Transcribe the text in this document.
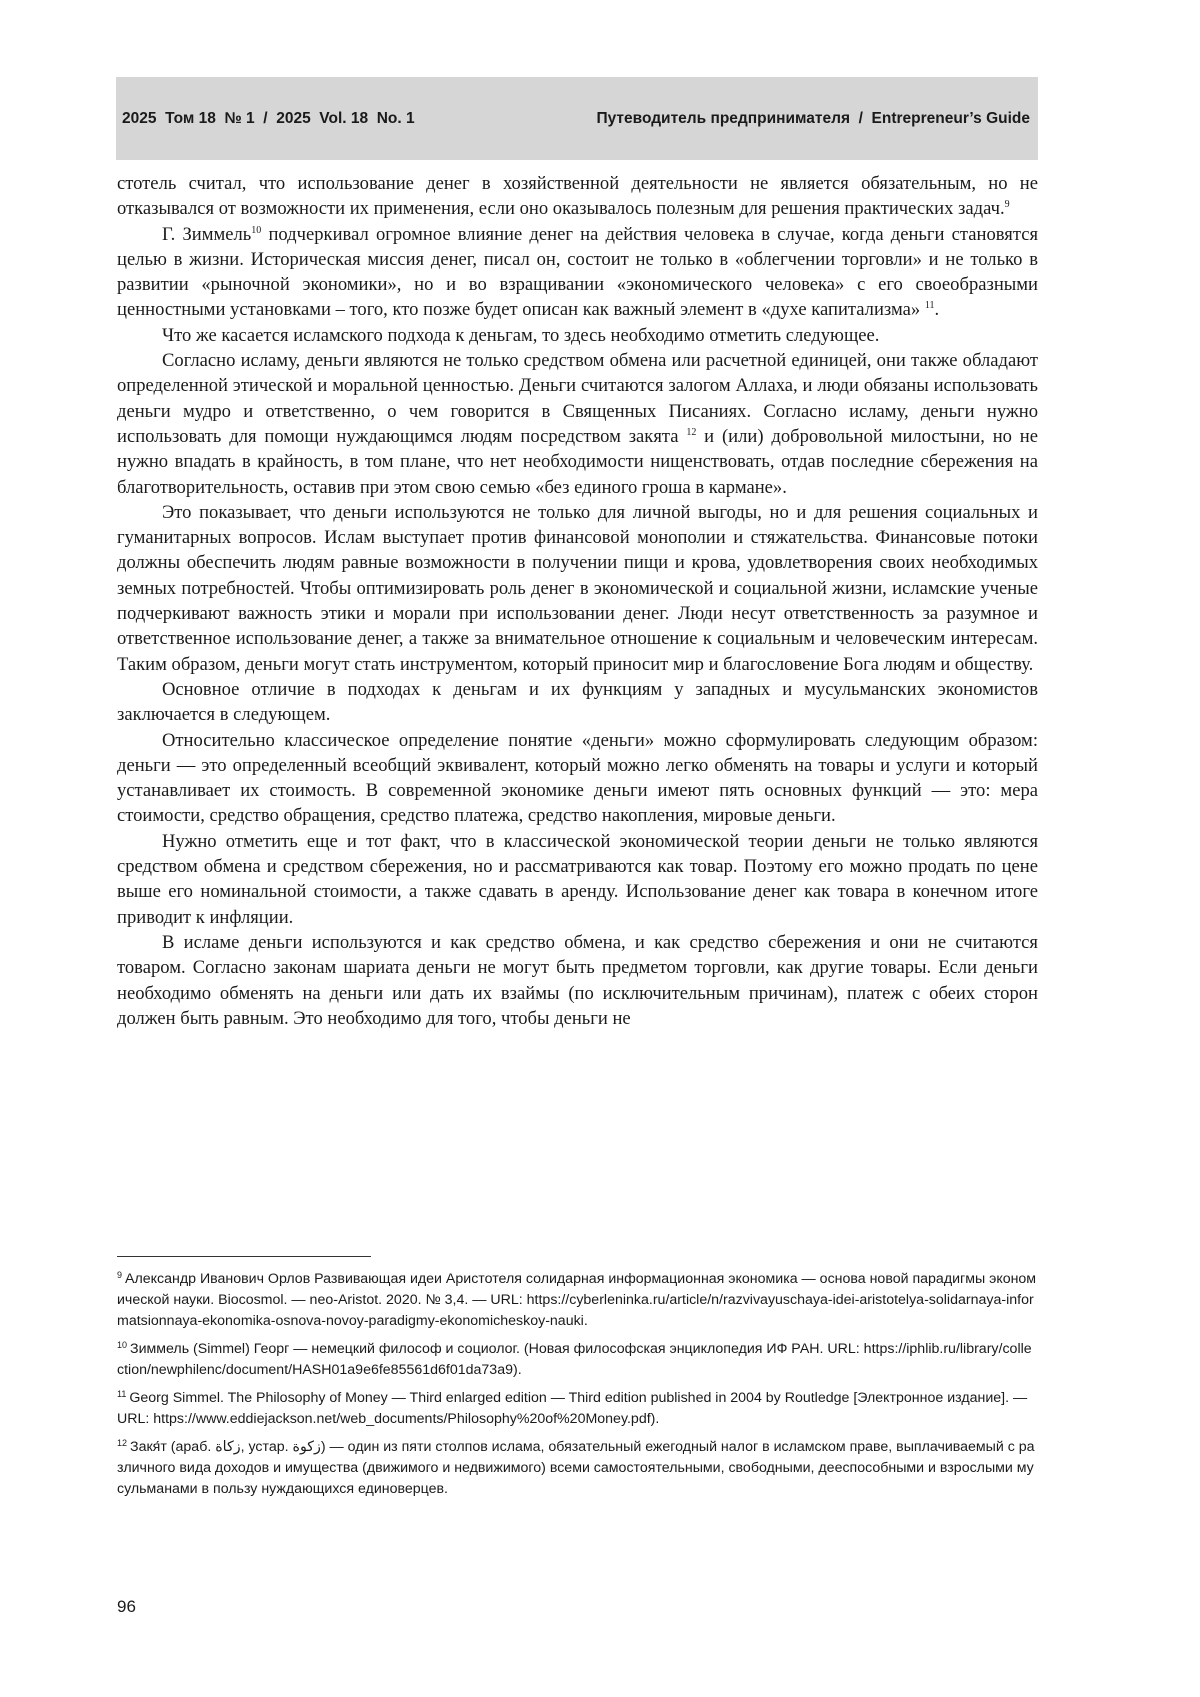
2025  Том 18  № 1  /  2025  Vol. 18  No. 1	Путеводитель предпринимателя  /  Entrepreneur’s Guide

стотель считал, что использование денег в хозяйственной деятельности не является обязательным, но не отказывался от возможности их применения, если оно оказывалось полезным для решения практических задач.9

Г. Зиммель10 подчеркивал огромное влияние денег на действия человека в случае, когда деньги становятся целью в жизни. Историческая миссия денег, писал он, состоит не только в «облегчении торговли» и не только в развитии «рыночной экономики», но и во взращивании «экономического человека» с его своеобразными ценностными установками – того, кто позже будет описан как важный элемент в «духе капитализма» 11.

Что же касается исламского подхода к деньгам, то здесь необходимо отметить следующее.

Согласно исламу, деньги являются не только средством обмена или расчетной единицей, они также обладают определенной этической и моральной ценностью. Деньги считаются залогом Аллаха, и люди обязаны использовать деньги мудро и ответственно, о чем говорится в Священных Писаниях. Согласно исламу, деньги нужно использовать для помощи нуждающимся людям посредством закята 12 и (или) добровольной милостыни, но не нужно впадать в крайность, в том плане, что нет необходимости нищенствовать, отдав последние сбережения на благотворительность, оставив при этом свою семью «без единого гроша в кармане».

Это показывает, что деньги используются не только для личной выгоды, но и для решения социальных и гуманитарных вопросов. Ислам выступает против финансовой монополии и стяжательства. Финансовые потоки должны обеспечить людям равные возможности в получении пищи и крова, удовлетворения своих необходимых земных потребностей. Чтобы оптимизировать роль денег в экономической и социальной жизни, исламские ученые подчеркивают важность этики и морали при использовании денег. Люди несут ответственность за разумное и ответственное использование денег, а также за внимательное отношение к социальным и человеческим интересам. Таким образом, деньги могут стать инструментом, который приносит мир и благословение Бога людям и обществу.

Основное отличие в подходах к деньгам и их функциям у западных и мусульманских экономистов заключается в следующем.

Относительно классическое определение понятие «деньги» можно сформулировать следующим образом: деньги — это определенный всеобщий эквивалент, который можно легко обменять на товары и услуги и который устанавливает их стоимость. В современной экономике деньги имеют пять основных функций — это: мера стоимости, средство обращения, средство платежа, средство накопления, мировые деньги.

Нужно отметить еще и тот факт, что в классической экономической теории деньги не только являются средством обмена и средством сбережения, но и рассматриваются как товар. Поэтому его можно продать по цене выше его номинальной стоимости, а также сдавать в аренду. Использование денег как товара в конечном итоге приводит к инфляции.

В исламе деньги используются и как средство обмена, и как средство сбережения и они не считаются товаром. Согласно законам шариата деньги не могут быть предметом торговли, как другие товары. Если деньги необходимо обменять на деньги или дать их взаймы (по исключительным причинам), платеж с обеих сторон должен быть равным. Это необходимо для того, чтобы деньги не

9 Александр Иванович Орлов Развивающая идеи Аристотеля солидарная информационная экономика — основа новой парадигмы экономической науки. Biocosmol. — neo-Aristot. 2020. № 3,4. — URL: https://cyberleninka.ru/article/n/razvivayuschaya-idei-aristotelya-solidarnaya-informatsionnaya-ekonomika-osnova-novoy-paradigmy-ekonomicheskoy-nauki.
10 Зиммель (Simmel) Георг — немецкий философ и социолог. (Новая философская энциклопедия ИФ РАН. URL: https://iphlib.ru/library/collection/newphilenc/document/HASH01a9e6fe85561d6f01da73a9).
11 Georg Simmel. The Philosophy of Money — Third enlarged edition — Third edition published in 2004 by Routledge [Электронное издание]. — URL: https://www.eddiejackson.net/web_documents/Philosophy%20of%20Money.pdf).
12 Закя́т (араб. زكاة, устар. زكوة) — один из пяти столпов ислама, обязательный ежегодный налог в исламском праве, выплачиваемый с различного вида доходов и имущества (движимого и недвижимого) всеми самостоятельными, свободными, дееспособными и взрослыми мусульманами в пользу нуждающихся единоверцев.
96
